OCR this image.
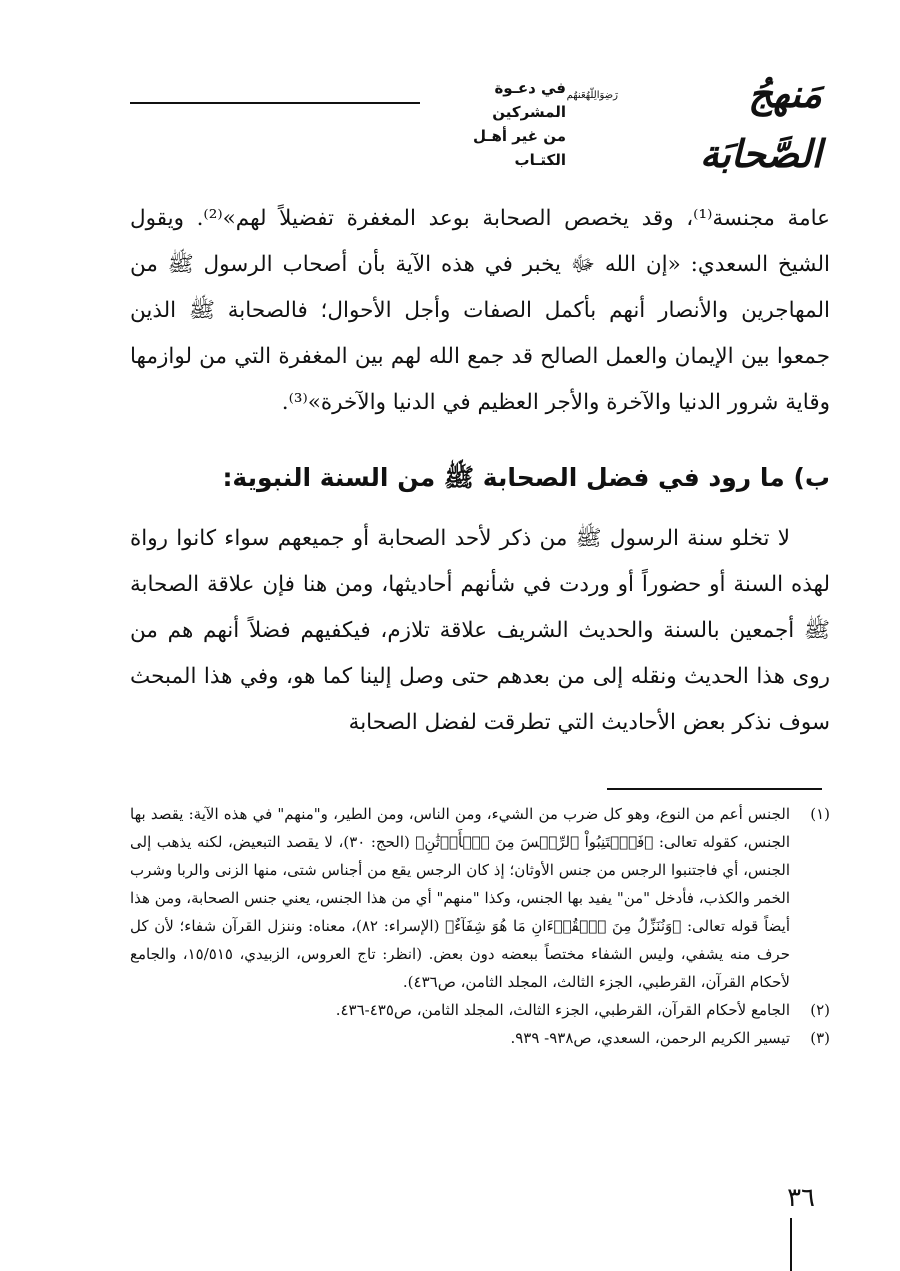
في دعـوة المشركين
من غير أهـل الكتـاب
رَضِوَالِلّهُعَنهُم	مَنهجُ الصَّحابَة

عامة مجنسة⁽¹⁾، وقد يخصص الصحابة بوعد المغفرة تفضيلاً لهم»⁽²⁾. ويقول الشيخ السعدي: «إن الله ﷻ يخبر في هذه الآية بأن أصحاب الرسول ﷺ من المهاجرين والأنصار أنهم بأكمل الصفات وأجل الأحوال؛ فالصحابة ﷺ الذين جمعوا بين الإيمان والعمل الصالح قد جمع الله لهم بين المغفرة التي من لوازمها وقاية شرور الدنيا والآخرة والأجر العظيم في الدنيا والآخرة»⁽³⁾.

ب) ما رود في فضل الصحابة ﷺ من السنة النبوية:

لا تخلو سنة الرسول ﷺ من ذكر لأحد الصحابة أو جميعهم سواء كانوا رواة لهذه السنة أو حضوراً أو وردت في شأنهم أحاديثها، ومن هنا فإن علاقة الصحابة ﷺ أجمعين بالسنة والحديث الشريف علاقة تلازم، فيكفيهم فضلاً أنهم هم من روى هذا الحديث ونقله إلى من بعدهم حتى وصل إلينا كما هو، وفي هذا المبحث سوف نذكر بعض الأحاديث التي تطرقت لفضل الصحابة

(١)
الجنس أعم من النوع، وهو كل ضرب من الشيء، ومن الناس، ومن الطير، و"منهم" في هذه الآية: يقصد بها الجنس، كقوله تعالى: ﴿فَٱجۡتَنِبُواْ ٱلرِّجۡسَ مِنَ ٱلۡأَوۡثَٰنِ﴾ (الحج: ٣٠)، لا يقصد التبعيض، لكنه يذهب إلى الجنس، أي فاجتنبوا الرجس من جنس الأوثان؛ إذ كان الرجس يقع من أجناس شتى، منها الزنى والربا وشرب الخمر والكذب، فأدخل "من" يفيد بها الجنس، وكذا "منهم" أي من هذا الجنس، يعني جنس الصحابة، ومن هذا أيضاً قوله تعالى: ﴿وَنُنَزِّلُ مِنَ ٱلۡقُرۡءَانِ مَا هُوَ شِفَآءٌ﴾ (الإسراء: ٨٢)، معناه: وننزل القرآن شفاء؛ لأن كل حرف منه يشفي، وليس الشفاء مختصاً ببعضه دون بعض. (انظر: تاج العروس، الزبيدي، ١٥/٥١٥، والجامع لأحكام القرآن، القرطبي، الجزء الثالث، المجلد الثامن، ص٤٣٦).
(٢)
الجامع لأحكام القرآن، القرطبي، الجزء الثالث، المجلد الثامن، ص٤٣٥-٤٣٦.
(٣)
تيسير الكريم الرحمن، السعدي، ص٩٣٨- ٩٣٩.
٣٦
